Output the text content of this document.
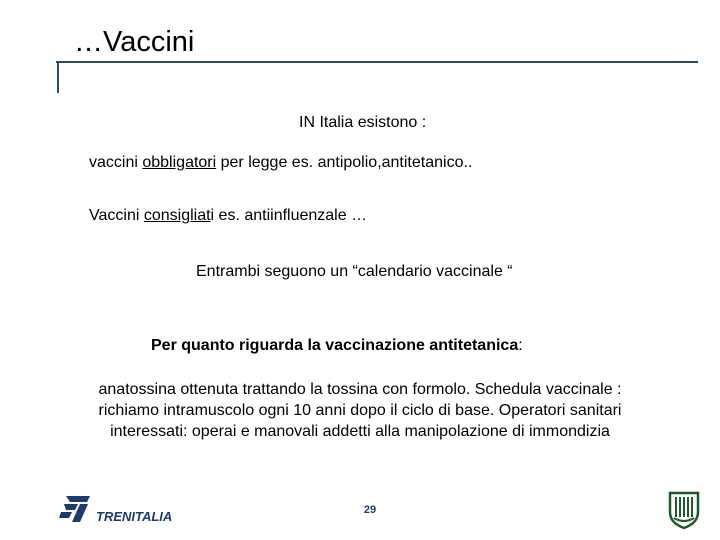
…Vaccini
IN Italia esistono :
vaccini obbligatori per legge es. antipolio,antitetanico..
Vaccini consigliati es. antiinfluenzale …
Entrambi seguono un “calendario vaccinale “
Per quanto riguarda la vaccinazione antitetanica:
anatossina ottenuta trattando la tossina con formolo. Schedula vaccinale :
richiamo intramuscolo ogni 10 anni dopo il ciclo di base. Operatori sanitari
interessati: operai e manovali addetti alla manipolazione di immondizia
TRENITALIA	29
